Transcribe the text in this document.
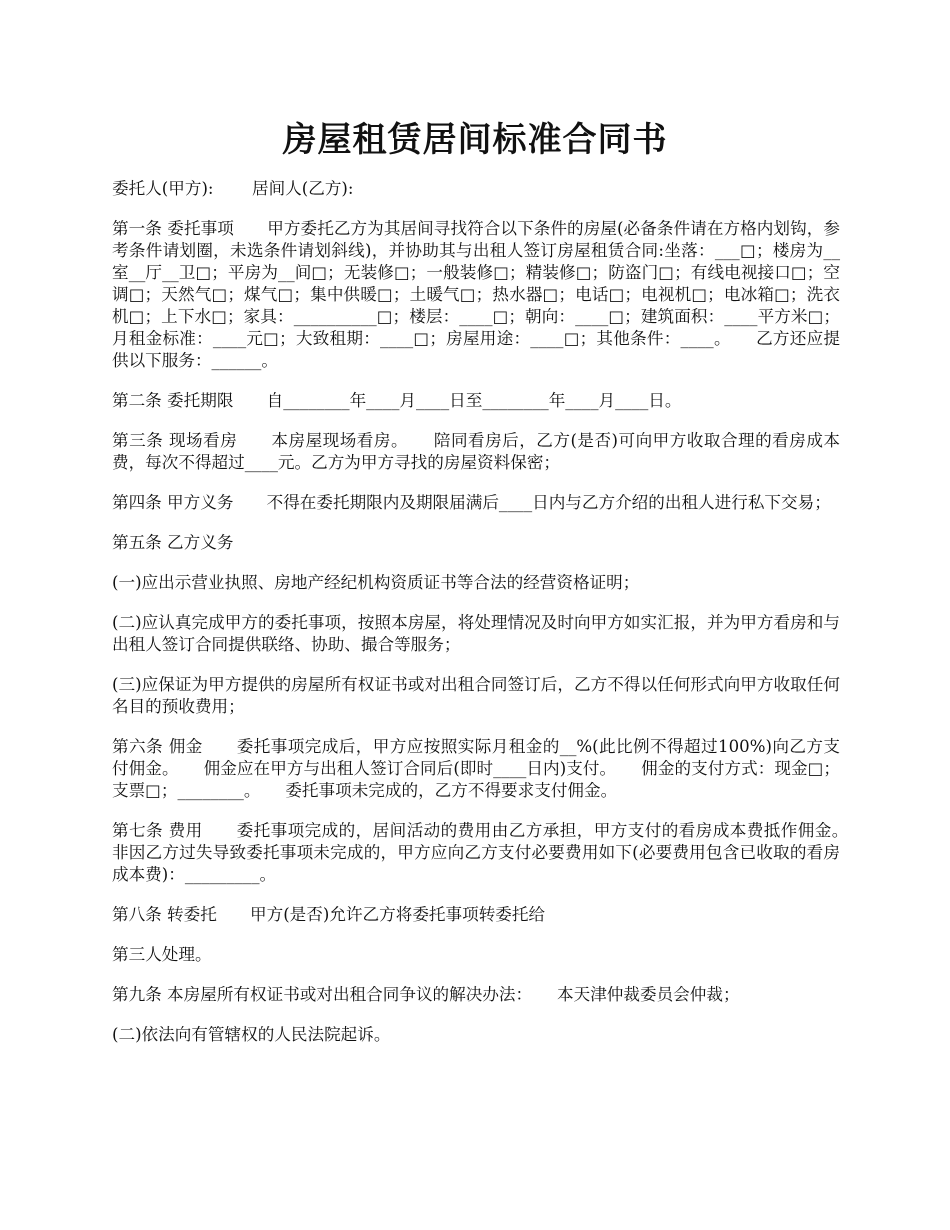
房屋租赁居间标准合同书

委托人(甲方):　　 居间人(乙方):

第一条 委托事项　　甲方委托乙方为其居间寻找符合以下条件的房屋(必备条件请在方格内划钩，参考条件请划圈，未选条件请划斜线)，并协助其与出租人签订房屋租赁合同:坐落：___□；楼房为__室__厅__卫□；平房为__间□；无装修□；一般装修□；精装修□；防盗门□；有线电视接口□；空调□；天然气□；煤气□；集中供暖□；土暖气□；热水器□；电话□；电视机□；电冰箱□；洗衣机□；上下水□；家具：__________□；楼层：____□；朝向：____□；建筑面积：____平方米□；月租金标准：____元□；大致租期：____□；房屋用途：____□；其他条件：____。　　乙方还应提供以下服务：______。

第二条 委托期限　　自________年____月____日至________年____月____日。

第三条 现场看房　　本房屋现场看房。　　陪同看房后，乙方(是否)可向甲方收取合理的看房成本费，每次不得超过____元。乙方为甲方寻找的房屋资料保密；

第四条 甲方义务　　不得在委托期限内及期限届满后____日内与乙方介绍的出租人进行私下交易；

第五条 乙方义务

(一)应出示营业执照、房地产经纪机构资质证书等合法的经营资格证明；

(二)应认真完成甲方的委托事项，按照本房屋，将处理情况及时向甲方如实汇报，并为甲方看房和与出租人签订合同提供联络、协助、撮合等服务；

(三)应保证为甲方提供的房屋所有权证书或对出租合同签订后，乙方不得以任何形式向甲方收取任何名目的预收费用；

第六条 佣金　　委托事项完成后，甲方应按照实际月租金的__%(此比例不得超过100%)向乙方支付佣金。　　佣金应在甲方与出租人签订合同后(即时____日内)支付。　　佣金的支付方式：现金□；支票□；________。　　委托事项未完成的，乙方不得要求支付佣金。

第七条 费用　　委托事项完成的，居间活动的费用由乙方承担，甲方支付的看房成本费抵作佣金。　　非因乙方过失导致委托事项未完成的，甲方应向乙方支付必要费用如下(必要费用包含已收取的看房成本费)：_________。

第八条 转委托　　甲方(是否)允许乙方将委托事项转委托给

第三人处理。

第九条 本房屋所有权证书或对出租合同争议的解决办法：　　本天津仲裁委员会仲裁；

(二)依法向有管辖权的人民法院起诉。
